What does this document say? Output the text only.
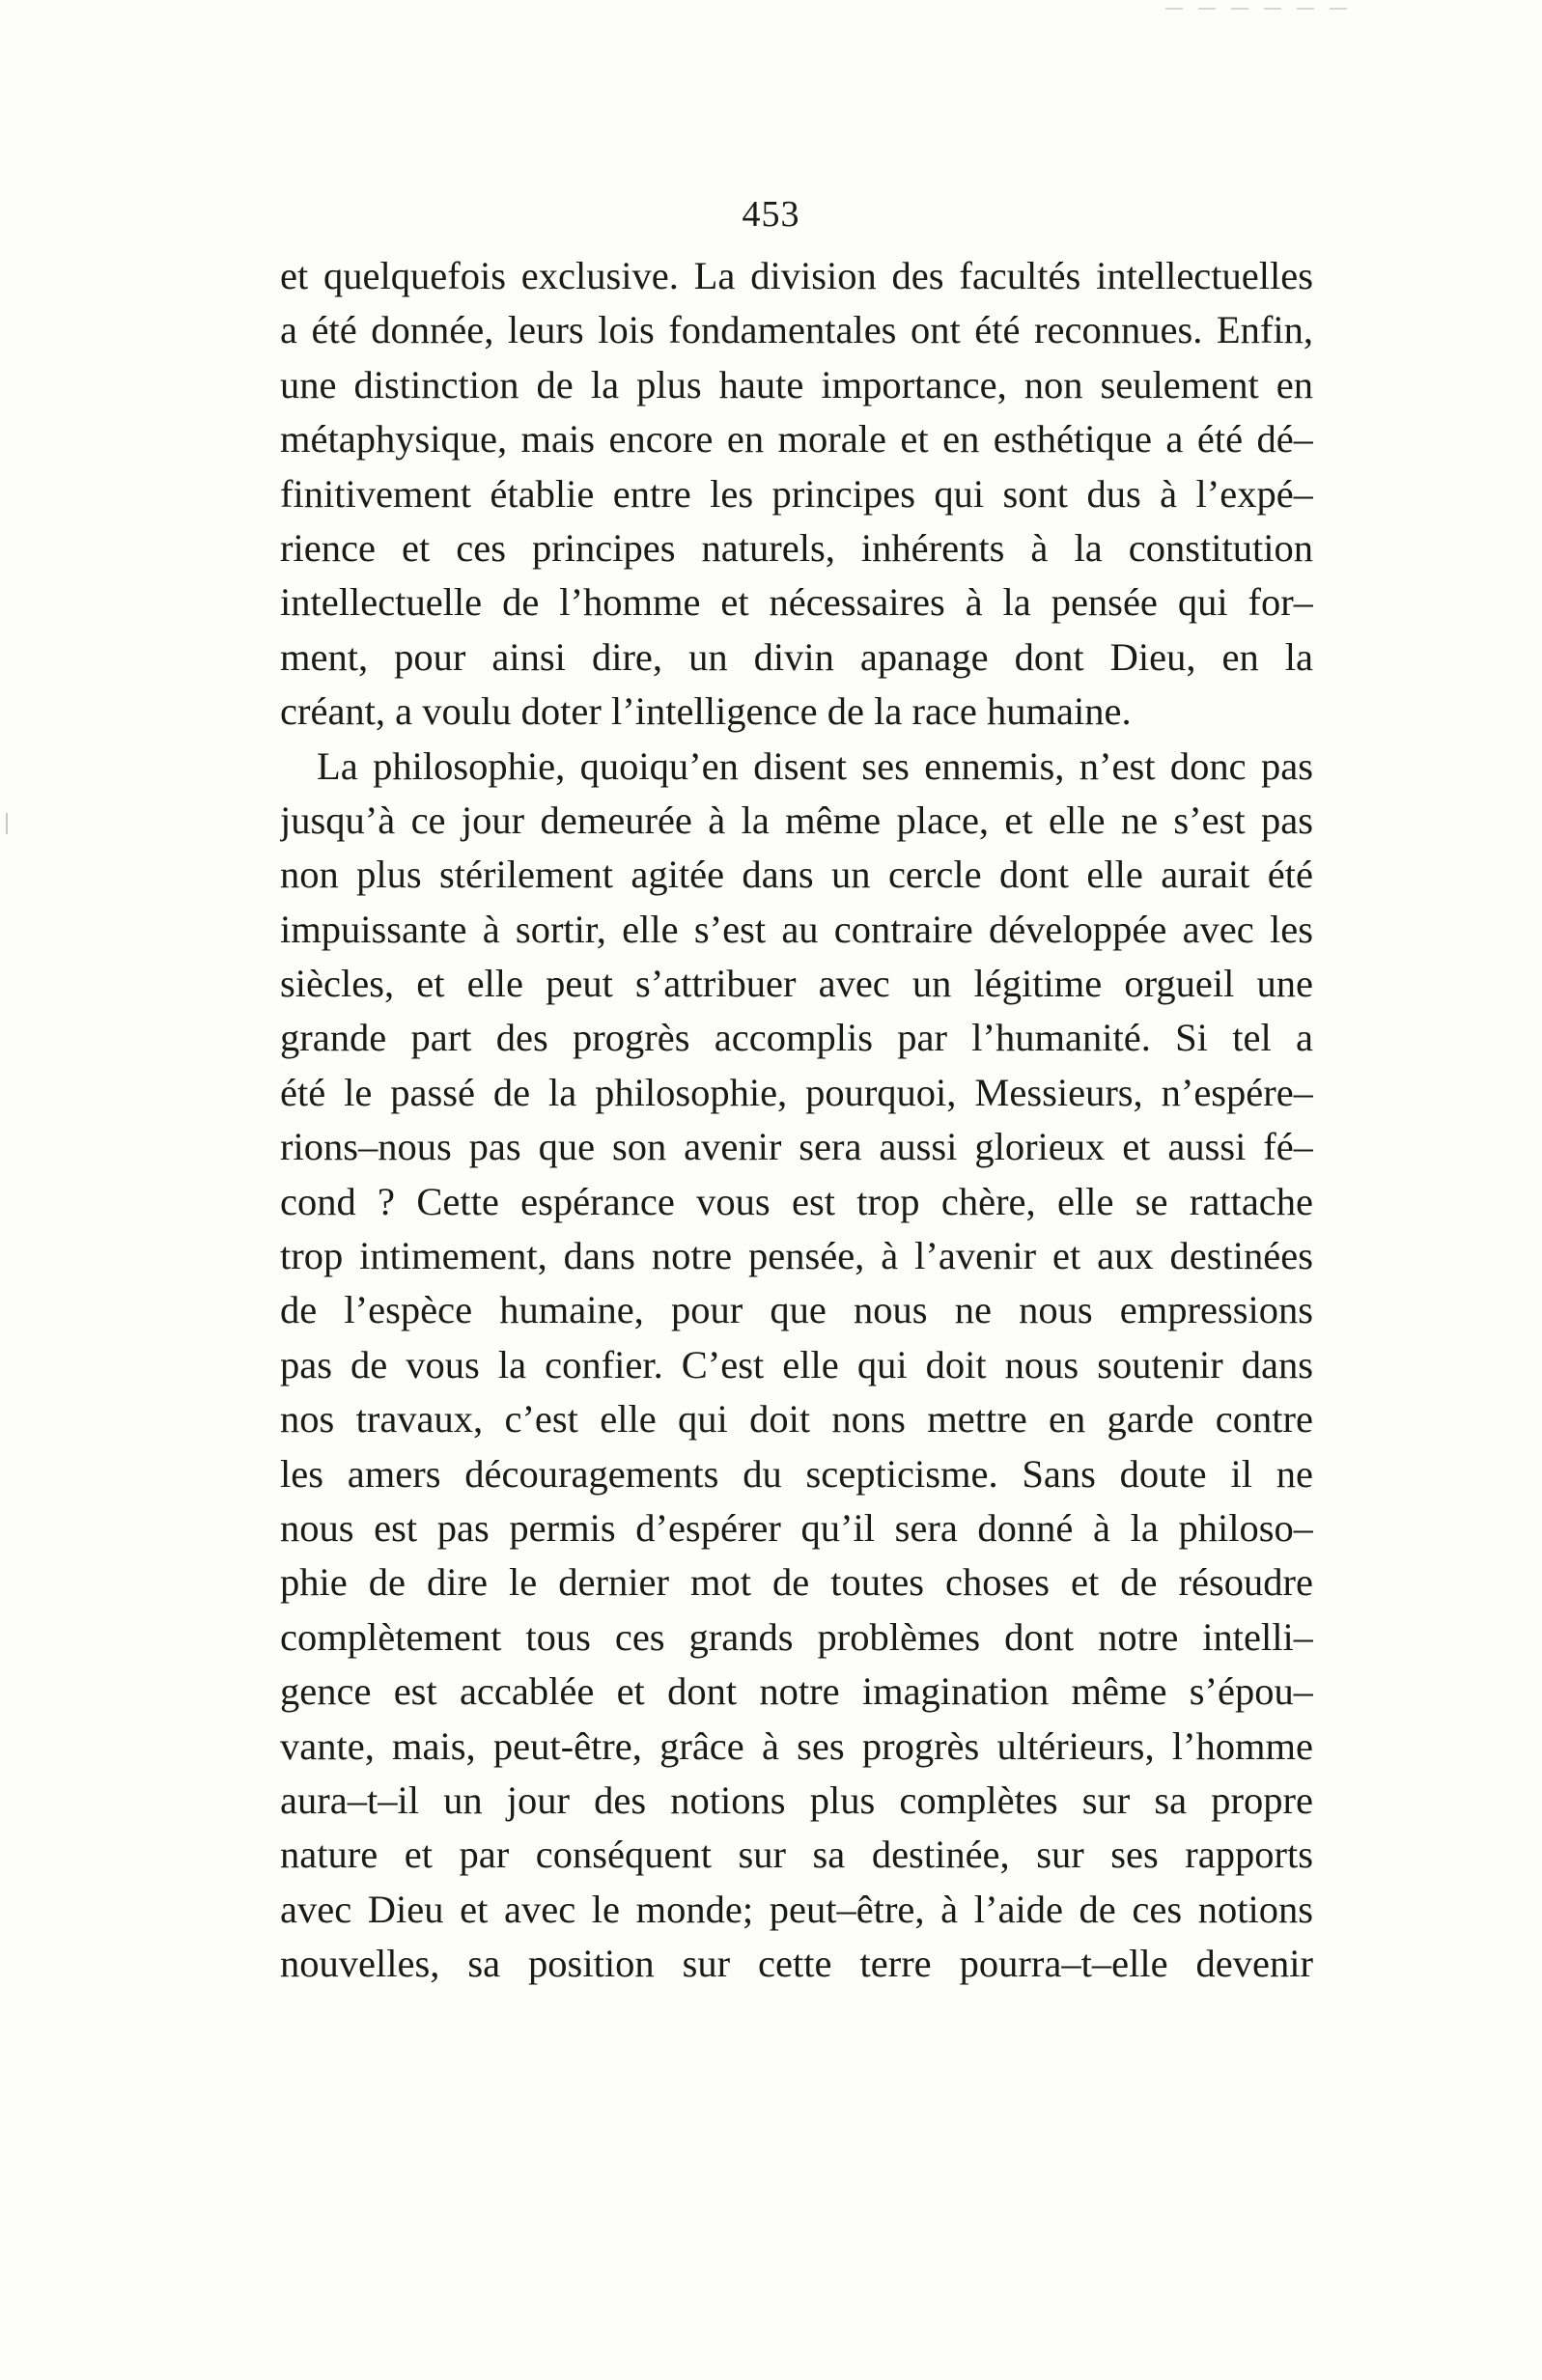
453
et quelquefois exclusive. La division des facultés intellectuelles
a été donnée, leurs lois fondamentales ont été reconnues. Enfin,
une distinction de la plus haute importance, non seulement en
métaphysique, mais encore en morale et en esthétique a été dé–
finitivement établie entre les principes qui sont dus à l’expé–
rience et ces principes naturels, inhérents à la constitution
intellectuelle de l’homme et nécessaires à la pensée qui for–
ment, pour ainsi dire, un divin apanage dont Dieu, en la
créant, a voulu doter l’intelligence de la race humaine.
La philosophie, quoiqu’en disent ses ennemis, n’est donc pas
jusqu’à ce jour demeurée à la même place, et elle ne s’est pas
non plus stérilement agitée dans un cercle dont elle aurait été
impuissante à sortir, elle s’est au contraire développée avec les
siècles, et elle peut s’attribuer avec un légitime orgueil une
grande part des progrès accomplis par l’humanité. Si tel a
été le passé de la philosophie, pourquoi, Messieurs, n’espére–
rions–nous pas que son avenir sera aussi glorieux et aussi fé–
cond ? Cette espérance vous est trop chère, elle se rattache
trop intimement, dans notre pensée, à l’avenir et aux destinées
de l’espèce humaine, pour que nous ne nous empressions
pas de vous la confier. C’est elle qui doit nous soutenir dans
nos travaux, c’est elle qui doit nons mettre en garde contre
les amers découragements du scepticisme. Sans doute il ne
nous est pas permis d’espérer qu’il sera donné à la philoso–
phie de dire le dernier mot de toutes choses et de résoudre
complètement tous ces grands problèmes dont notre intelli–
gence est accablée et dont notre imagination même s’épou–
vante, mais, peut-être, grâce à ses progrès ultérieurs, l’homme
aura–t–il un jour des notions plus complètes sur sa propre
nature et par conséquent sur sa destinée, sur ses rapports
avec Dieu et avec le monde; peut–être, à l’aide de ces notions
nouvelles, sa position sur cette terre pourra–t–elle devenir
